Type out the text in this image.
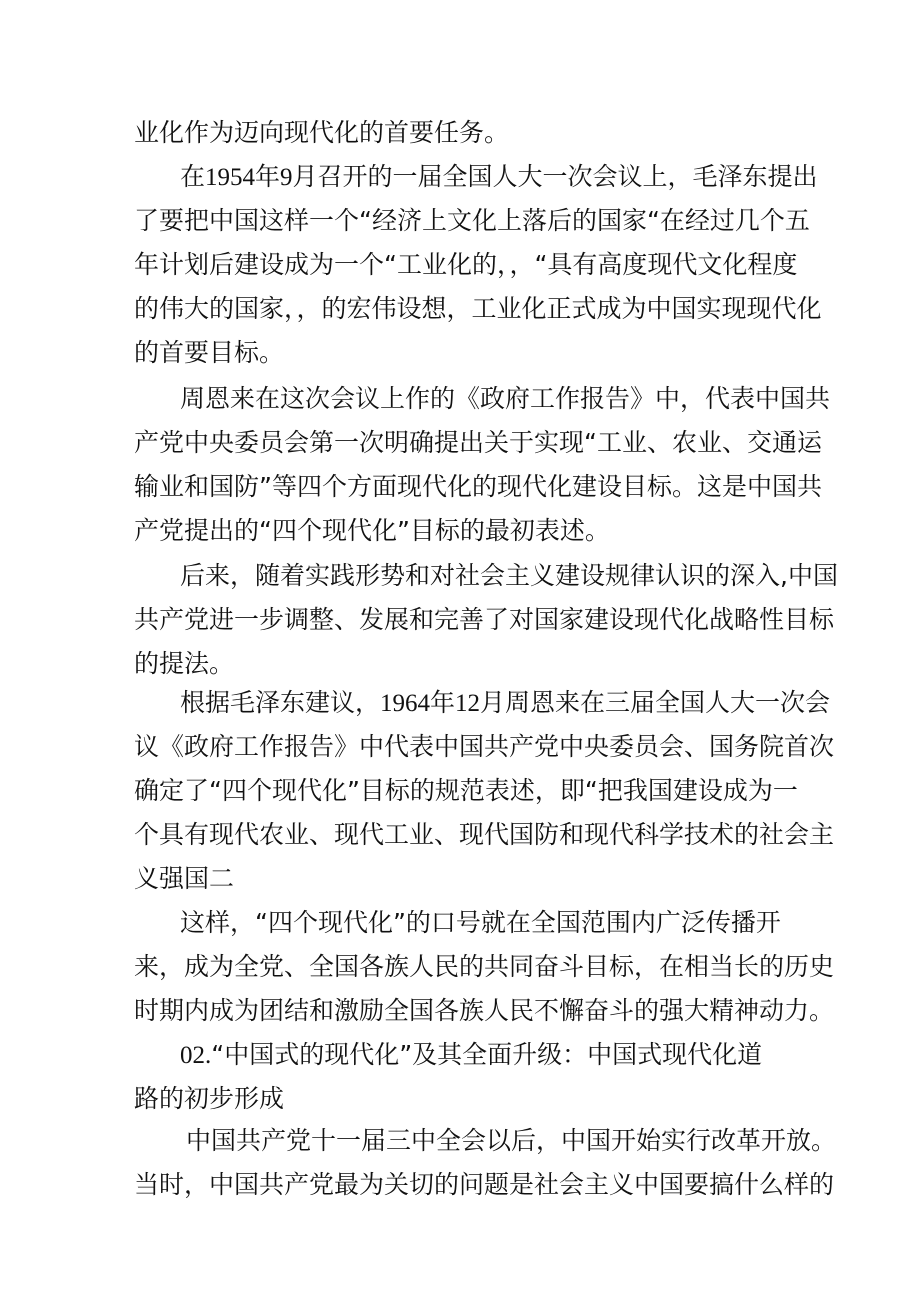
业化作为迈向现代化的首要任务。
在1954年9月召开的一届全国人大一次会议上，毛泽东提出
了要把中国这样一个“经济上文化上落后的国家“在经过几个五
年计划后建设成为一个“工业化的，，“具有高度现代文化程度
的伟大的国家，，的宏伟设想，工业化正式成为中国实现现代化
的首要目标。
周恩来在这次会议上作的《政府工作报告》中，代表中国共
产党中央委员会第一次明确提出关于实现“工业、农业、交通运
输业和国防”等四个方面现代化的现代化建设目标。这是中国共
产党提出的“四个现代化”目标的最初表述。
后来，随着实践形势和对社会主义建设规律认识的深入,中国
共产党进一步调整、发展和完善了对国家建设现代化战略性目标
的提法。
根据毛泽东建议，1964年12月周恩来在三届全国人大一次会
议《政府工作报告》中代表中国共产党中央委员会、国务院首次
确定了“四个现代化”目标的规范表述，即“把我国建设成为一
个具有现代农业、现代工业、现代国防和现代科学技术的社会主
义强国二
这样，“四个现代化”的口号就在全国范围内广泛传播开
来，成为全党、全国各族人民的共同奋斗目标，在相当长的历史
时期内成为团结和激励全国各族人民不懈奋斗的强大精神动力。
02.“中国式的现代化”及其全面升级：中国式现代化道
路的初步形成
中国共产党十一届三中全会以后，中国开始实行改革开放。
当时，中国共产党最为关切的问题是社会主义中国要搞什么样的
